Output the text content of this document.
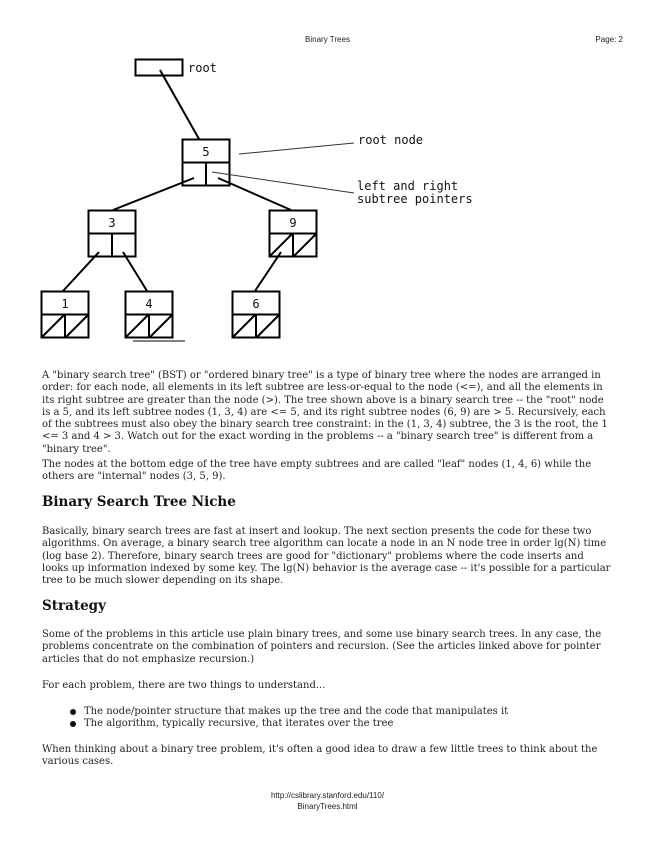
Binary Trees	Page: 2
5
3	9
1	4	6
root
root node
left and right
subtree pointers

A "binary search tree" (BST) or "ordered binary tree" is a type of binary tree where the nodes are arranged in order: for each node, all elements in its left subtree are less-or-equal to the node (<=), and all the elements in its right subtree are greater than the node (>). The tree shown above is a binary search tree -- the "root" node is a 5, and its left subtree nodes (1, 3, 4) are <= 5, and its right subtree nodes (6, 9) are > 5. Recursively, each of the subtrees must also obey the binary search tree constraint: in the (1, 3, 4) subtree, the 3 is the root, the 1 <= 3 and 4 > 3. Watch out for the exact wording in the problems -- a "binary search tree" is different from a "binary tree".

The nodes at the bottom edge of the tree have empty subtrees and are called "leaf" nodes (1, 4, 6) while the others are "internal" nodes (3, 5, 9).

Binary Search Tree Niche

Basically, binary search trees are fast at insert and lookup. The next section presents the code for these two algorithms. On average, a binary search tree algorithm can locate a node in an N node tree in order lg(N) time (log base 2). Therefore, binary search trees are good for "dictionary" problems where the code inserts and looks up information indexed by some key. The lg(N) behavior is the average case -- it's possible for a particular tree to be much slower depending on its shape.

Strategy

Some of the problems in this article use plain binary trees, and some use binary search trees. In any case, the problems concentrate on the combination of pointers and recursion. (See the articles linked above for pointer articles that do not emphasize recursion.)

For each problem, there are two things to understand...

The node/pointer structure that makes up the tree and the code that manipulates it
The algorithm, typically recursive, that iterates over the tree

When thinking about a binary tree problem, it's often a good idea to draw a few little trees to think about the various cases.

http://cslibrary.stanford.edu/110/
BinaryTrees.html
